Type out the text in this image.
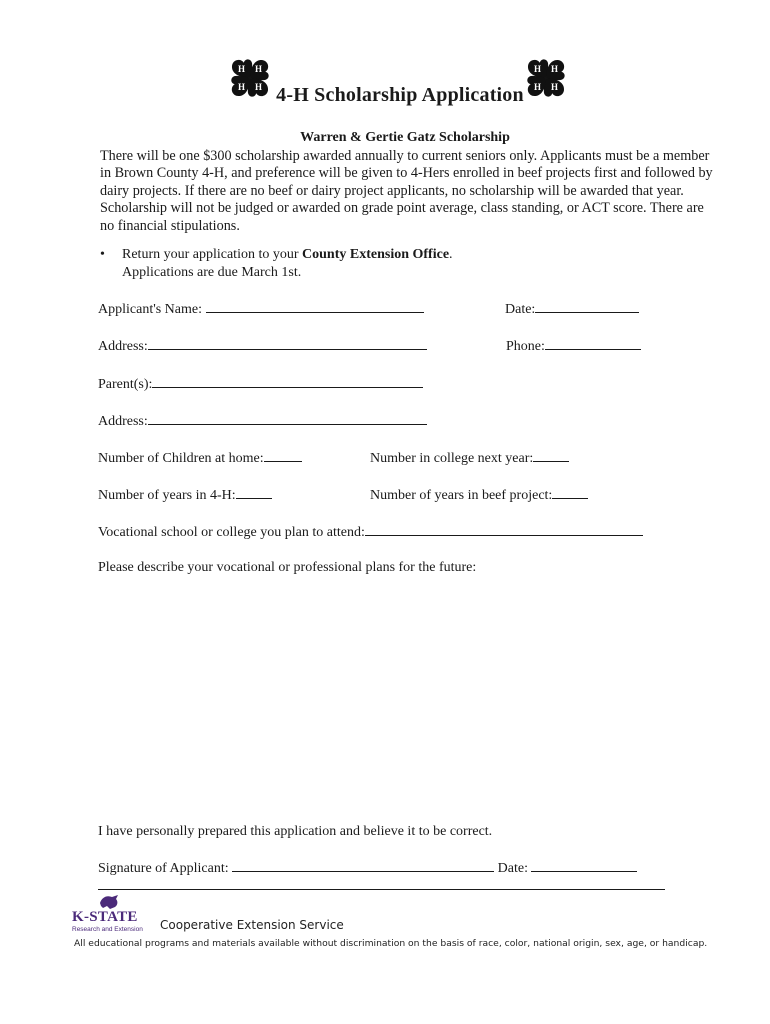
H H
H
H
H H
H
H
4-H Scholarship Application
Warren & Gertie Gatz Scholarship
There will be one $300 scholarship awarded annually to current seniors only. Applicants must be a member in Brown County 4-H, and preference will be given to 4-Hers enrolled in beef projects first and followed by dairy projects. If there are no beef or dairy project applicants, no scholarship will be awarded that year. Scholarship will not be judged or awarded on grade point average, class standing, or ACT score. There are no financial stipulations.
• Return your application to your County Extension Office.
Applications are due March 1st.
Applicant's Name:	Date:
Address:	Phone:
Parent(s):
Address:
Number of Children at home:	Number in college next year:
Number of years in 4-H:	Number of years in beef project:
Vocational school or college you plan to attend:
Please describe your vocational or professional plans for the future:
I have personally prepared this application and believe it to be correct.
Signature of Applicant:	Date:
K-STATE
Research and Extension Cooperative Extension Service
All educational programs and materials available without discrimination on the basis of race, color, national origin, sex, age, or handicap.
